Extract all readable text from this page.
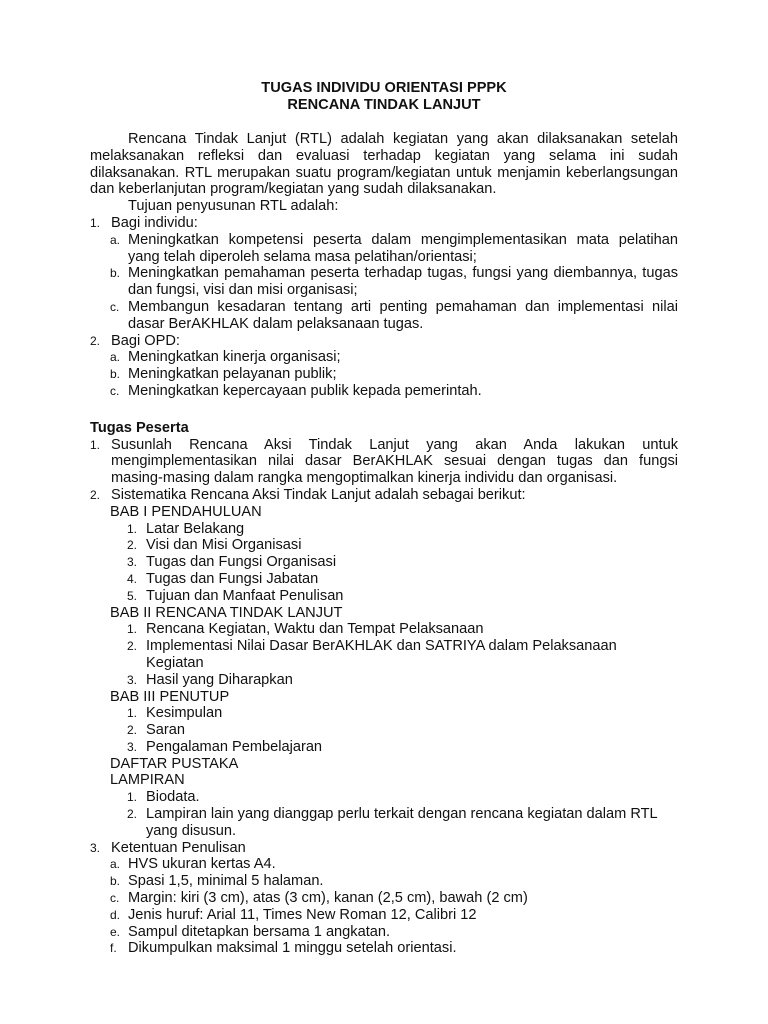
TUGAS INDIVIDU ORIENTASI PPPK
RENCANA TINDAK LANJUT

Rencana Tindak Lanjut (RTL) adalah kegiatan yang akan dilaksanakan setelah melaksanakan refleksi dan evaluasi terhadap kegiatan yang selama ini sudah dilaksanakan. RTL merupakan suatu program/kegiatan untuk menjamin keberlangsungan dan keberlanjutan program/kegiatan yang sudah dilaksanakan.

Tujuan penyusunan RTL adalah:
1. Bagi individu:
a. Meningkatkan kompetensi peserta dalam mengimplementasikan mata pelatihan yang telah diperoleh selama masa pelatihan/orientasi;
b. Meningkatkan pemahaman peserta terhadap tugas, fungsi yang diembannya, tugas dan fungsi, visi dan misi organisasi;
c. Membangun kesadaran tentang arti penting pemahaman dan implementasi nilai dasar BerAKHLAK dalam pelaksanaan tugas.
2. Bagi OPD:
a. Meningkatkan kinerja organisasi;
b. Meningkatkan pelayanan publik;
c. Meningkatkan kepercayaan publik kepada pemerintah.
Tugas Peserta
1. Susunlah Rencana Aksi Tindak Lanjut yang akan Anda lakukan untuk mengimplementasikan nilai dasar BerAKHLAK sesuai dengan tugas dan fungsi masing-masing dalam rangka mengoptimalkan kinerja individu dan organisasi.
2. Sistematika Rencana Aksi Tindak Lanjut adalah sebagai berikut:
BAB I PENDAHULUAN
1. Latar Belakang
2. Visi dan Misi Organisasi
3. Tugas dan Fungsi Organisasi
4. Tugas dan Fungsi Jabatan
5. Tujuan dan Manfaat Penulisan
BAB II RENCANA TINDAK LANJUT
1. Rencana Kegiatan, Waktu dan Tempat Pelaksanaan
2. Implementasi Nilai Dasar BerAKHLAK dan SATRIYA dalam Pelaksanaan Kegiatan
3. Hasil yang Diharapkan
BAB III PENUTUP
1. Kesimpulan
2. Saran
3. Pengalaman Pembelajaran
DAFTAR PUSTAKA
LAMPIRAN
1. Biodata.
2. Lampiran lain yang dianggap perlu terkait dengan rencana kegiatan dalam RTL yang disusun.
3. Ketentuan Penulisan
a. HVS ukuran kertas A4.
b. Spasi 1,5, minimal 5 halaman.
c. Margin: kiri (3 cm), atas (3 cm), kanan (2,5 cm), bawah (2 cm)
d. Jenis huruf: Arial 11, Times New Roman 12, Calibri 12
e. Sampul ditetapkan bersama 1 angkatan.
f. Dikumpulkan maksimal 1 minggu setelah orientasi.
